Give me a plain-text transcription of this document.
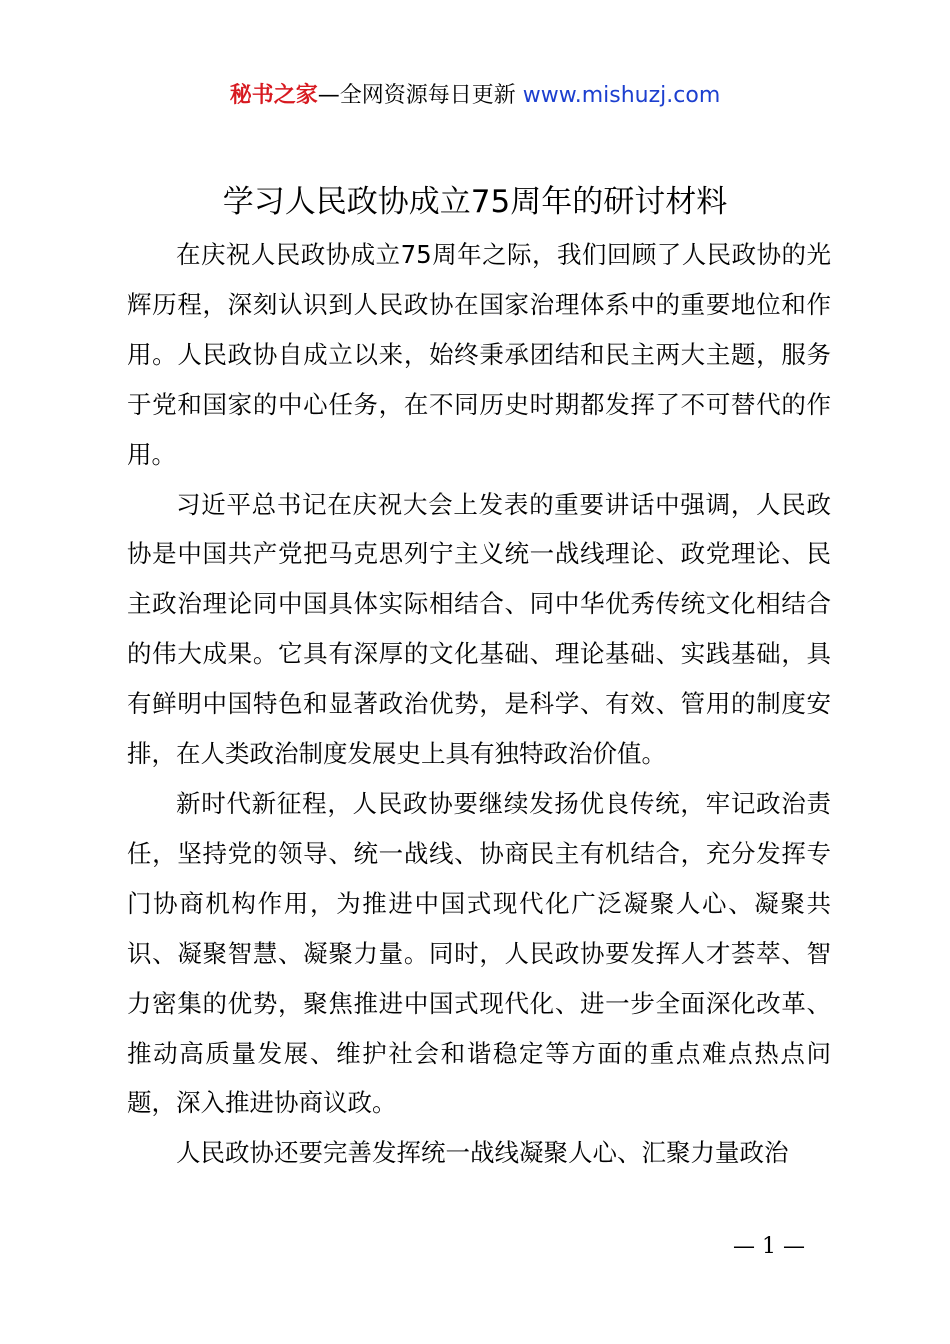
秘书之家—全网资源每日更新 www.mishuzj.com
学习人民政协成立75周年的研讨材料

在庆祝人民政协成立75周年之际，我们回顾了人民政协的光辉历程，深刻认识到人民政协在国家治理体系中的重要地位和作用。人民政协自成立以来，始终秉承团结和民主两大主题，服务于党和国家的中心任务，在不同历史时期都发挥了不可替代的作用。

习近平总书记在庆祝大会上发表的重要讲话中强调，人民政协是中国共产党把马克思列宁主义统一战线理论、政党理论、民主政治理论同中国具体实际相结合、同中华优秀传统文化相结合的伟大成果。它具有深厚的文化基础、理论基础、实践基础，具有鲜明中国特色和显著政治优势，是科学、有效、管用的制度安排，在人类政治制度发展史上具有独特政治价值。

新时代新征程，人民政协要继续发扬优良传统，牢记政治责任，坚持党的领导、统一战线、协商民主有机结合，充分发挥专门协商机构作用，为推进中国式现代化广泛凝聚人心、凝聚共识、凝聚智慧、凝聚力量。同时，人民政协要发挥人才荟萃、智力密集的优势，聚焦推进中国式现代化、进一步全面深化改革、推动高质量发展、维护社会和谐稳定等方面的重点难点热点问题，深入推进协商议政。

人民政协还要完善发挥统一战线凝聚人心、汇聚力量政治

— 1 —
